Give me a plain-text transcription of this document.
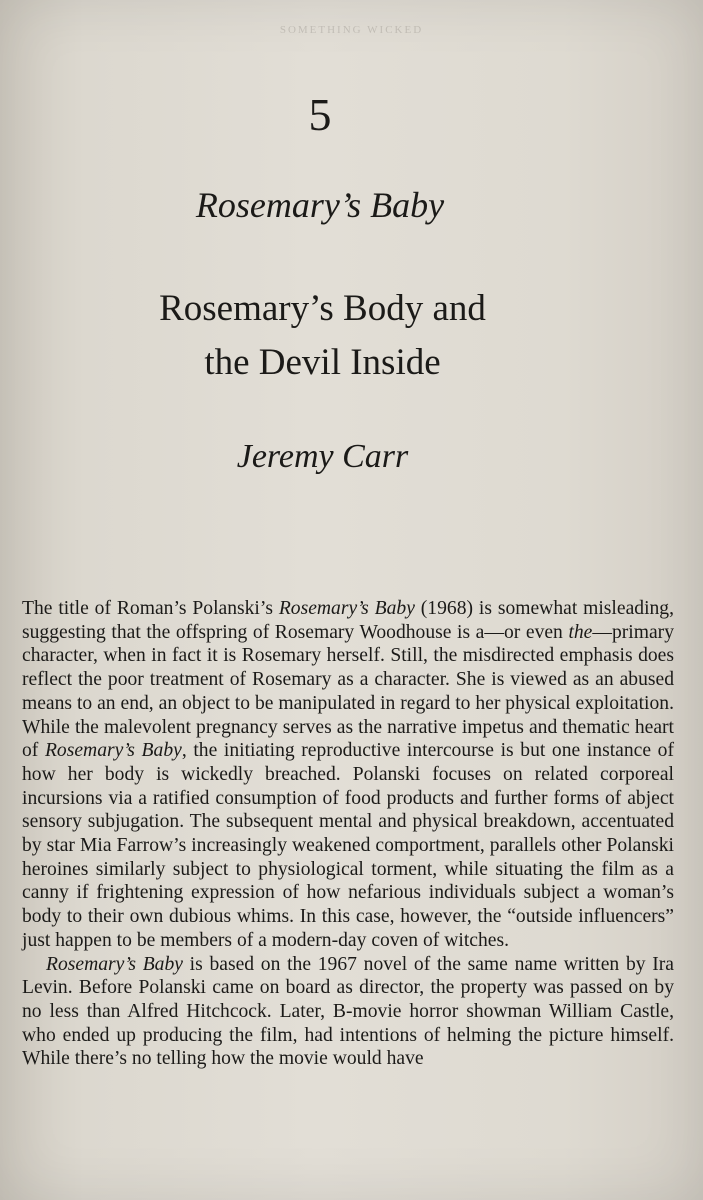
SOMETHING WICKED
5
Rosemary’s Baby
Rosemary’s Body and
the Devil Inside
Jeremy Carr

The title of Roman’s Polanski’s Rosemary’s Baby (1968) is somewhat misleading, suggesting that the offspring of Rosemary Woodhouse is a—or even the—primary character, when in fact it is Rosemary herself. Still, the misdirected emphasis does reflect the poor treatment of Rosemary as a character. She is viewed as an abused means to an end, an object to be manipulated in regard to her physical exploitation. While the malevolent pregnancy serves as the narrative impetus and thematic heart of Rosemary’s Baby, the initiating reproductive intercourse is but one instance of how her body is wickedly breached. Polanski focuses on related corporeal incursions via a ratified consumption of food products and further forms of abject sensory subjugation. The subsequent mental and physical breakdown, accentuated by star Mia Farrow’s increasingly weakened comportment, parallels other Polanski heroines similarly subject to physiological torment, while situating the film as a canny if frightening expression of how nefarious individuals subject a woman’s body to their own dubious whims. In this case, however, the “outside influencers” just happen to be members of a modern-day coven of witches.

Rosemary’s Baby is based on the 1967 novel of the same name written by Ira Levin. Before Polanski came on board as director, the property was passed on by no less than Alfred Hitchcock. Later, B-movie horror showman William Castle, who ended up producing the film, had intentions of helming the picture himself. While there’s no telling how the movie would have
